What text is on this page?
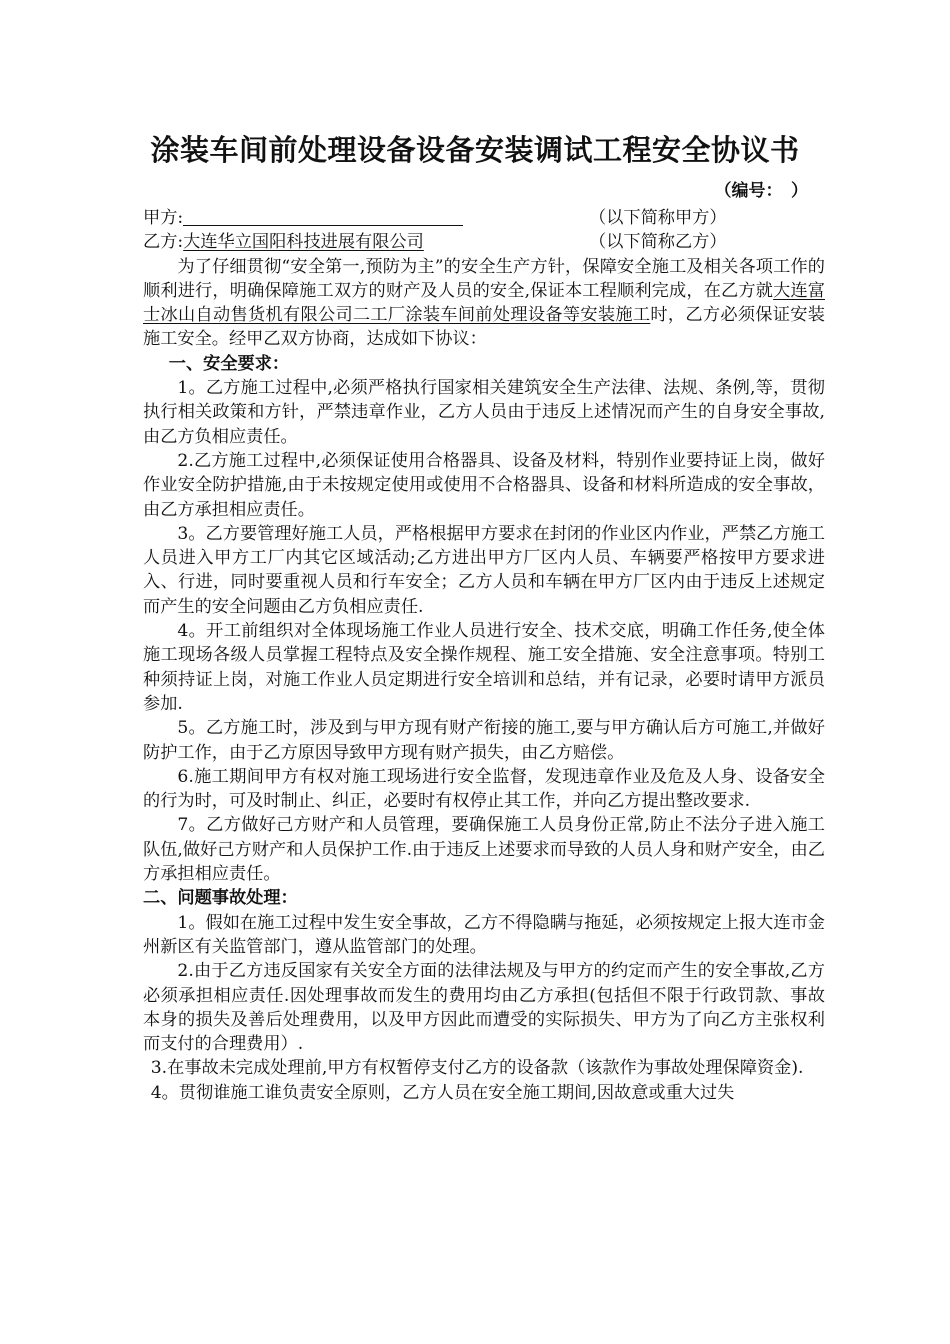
涂装车间前处理设备设备安装调试工程安全协议书
（编号：　）
甲方:	（以下简称甲方）
乙方:大连华立国阳科技进展有限公司	（以下简称乙方）

为了仔细贯彻“安全第一,预防为主”的安全生产方针，保障安全施工及相关各项工作的顺利进行，明确保障施工双方的财产及人员的安全,保证本工程顺利完成，在乙方就大连富士冰山自动售货机有限公司二工厂涂装车间前处理设备等安装施工时，乙方必须保证安装施工安全。经甲乙双方协商，达成如下协议：

一、安全要求：

1。乙方施工过程中,必须严格执行国家相关建筑安全生产法律、法规、条例,等，贯彻执行相关政策和方针，严禁违章作业，乙方人员由于违反上述情况而产生的自身安全事故,由乙方负相应责任。

2.乙方施工过程中,必须保证使用合格器具、设备及材料，特别作业要持证上岗，做好作业安全防护措施,由于未按规定使用或使用不合格器具、设备和材料所造成的安全事故，由乙方承担相应责任。

3。乙方要管理好施工人员，严格根据甲方要求在封闭的作业区内作业，严禁乙方施工人员进入甲方工厂内其它区域活动;乙方进出甲方厂区内人员、车辆要严格按甲方要求进入、行进，同时要重视人员和行车安全；乙方人员和车辆在甲方厂区内由于违反上述规定而产生的安全问题由乙方负相应责任.

4。开工前组织对全体现场施工作业人员进行安全、技术交底，明确工作任务,使全体施工现场各级人员掌握工程特点及安全操作规程、施工安全措施、安全注意事项。特别工种须持证上岗，对施工作业人员定期进行安全培训和总结，并有记录，必要时请甲方派员参加.

5。乙方施工时，涉及到与甲方现有财产衔接的施工,要与甲方确认后方可施工,并做好防护工作，由于乙方原因导致甲方现有财产损失，由乙方赔偿。

6.施工期间甲方有权对施工现场进行安全监督，发现违章作业及危及人身、设备安全的行为时，可及时制止、纠正，必要时有权停止其工作，并向乙方提出整改要求.

7。乙方做好己方财产和人员管理，要确保施工人员身份正常,防止不法分子进入施工队伍,做好己方财产和人员保护工作.由于违反上述要求而导致的人员人身和财产安全，由乙方承担相应责任。

二、问题事故处理：

1。假如在施工过程中发生安全事故，乙方不得隐瞒与拖延，必须按规定上报大连市金州新区有关监管部门，遵从监管部门的处理。

2.由于乙方违反国家有关安全方面的法律法规及与甲方的约定而产生的安全事故,乙方必须承担相应责任.因处理事故而发生的费用均由乙方承担(包括但不限于行政罚款、事故本身的损失及善后处理费用，以及甲方因此而遭受的实际损失、甲方为了向乙方主张权利而支付的合理费用）.

3.在事故未完成处理前,甲方有权暂停支付乙方的设备款（该款作为事故处理保障资金).

4。贯彻谁施工谁负责安全原则，乙方人员在安全施工期间,因故意或重大过失
